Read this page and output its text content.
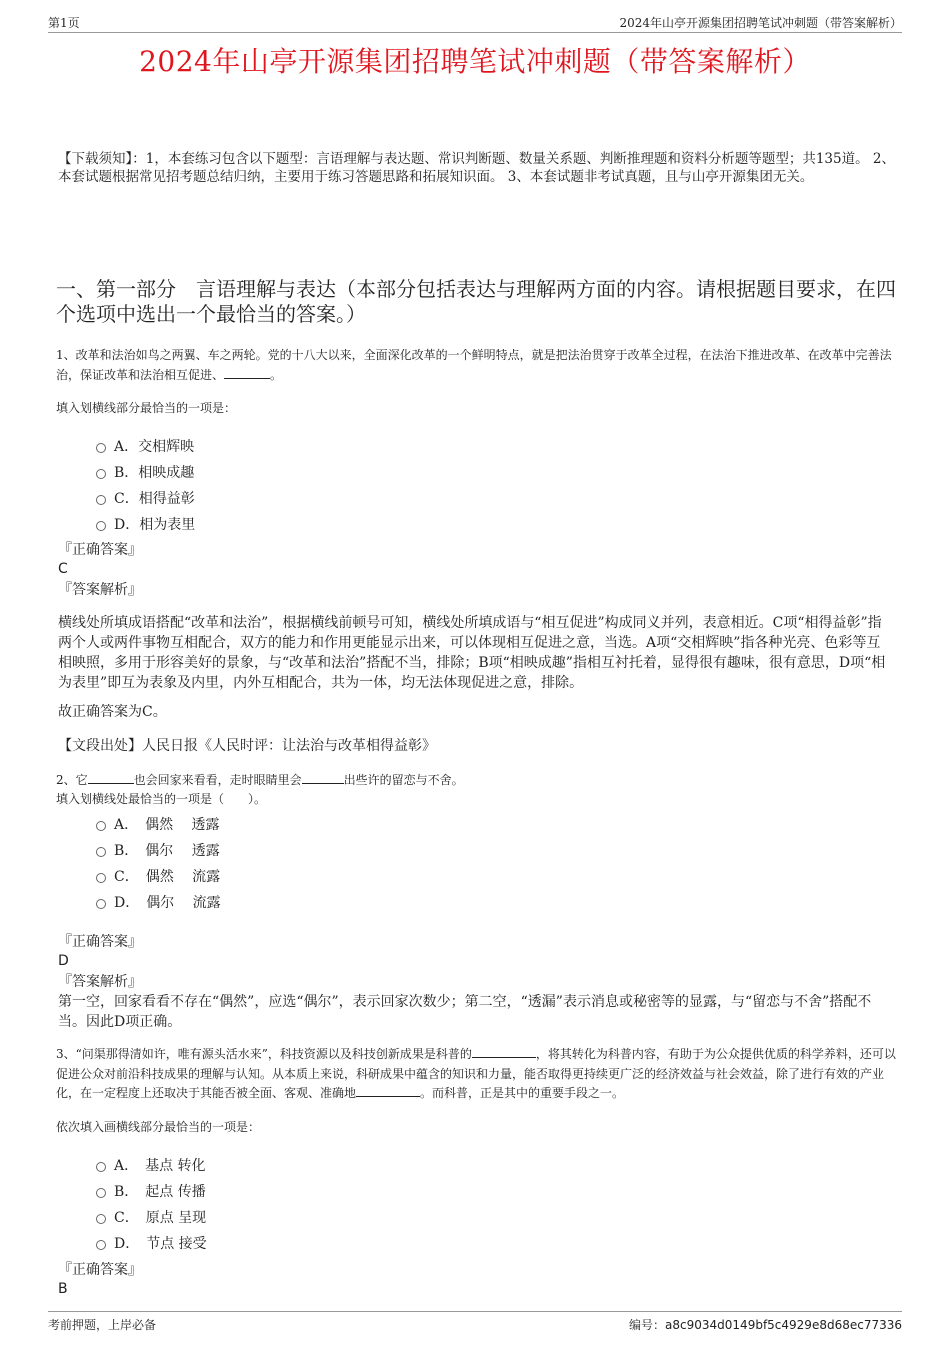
第1页	2024年山亭开源集团招聘笔试冲刺题（带答案解析）
2024年山亭开源集团招聘笔试冲刺题（带答案解析）
【下载须知】：1，本套练习包含以下题型：言语理解与表达题、常识判断题、数量关系题、判断推理题和资料分析题等题型；共135道。 2、本套试题根据常见招考题总结归纳，主要用于练习答题思路和拓展知识面。 3、本套试题非考试真题，且与山亭开源集团无关。
一、第一部分　言语理解与表达（本部分包括表达与理解两方面的内容。请根据题目要求，在四个选项中选出一个最恰当的答案。）
1、改革和法治如鸟之两翼、车之两轮。党的十八大以来，全面深化改革的一个鲜明特点，就是把法治贯穿于改革全过程，在法治下推进改革、在改革中完善法治，保证改革和法治相互促进、	。
填入划横线部分最恰当的一项是：
A．交相辉映
B．相映成趣
C．相得益彰
D．相为表里
『正确答案』
C
『答案解析』
横线处所填成语搭配“改革和法治”，根据横线前顿号可知，横线处所填成语与“相互促进”构成同义并列，表意相近。C项“相得益彰”指两个人或两件事物互相配合，双方的能力和作用更能显示出来，可以体现相互促进之意，当选。A项“交相辉映”指各种光亮、色彩等互相映照，多用于形容美好的景象，与“改革和法治”搭配不当，排除；B项“相映成趣”指相互衬托着，显得很有趣味，很有意思，D项“相为表里”即互为表象及内里，内外互相配合，共为一体，均无法体现促进之意，排除。
故正确答案为C。
【文段出处】人民日报《人民时评：让法治与改革相得益彰》
2、它	也会回家来看看，走时眼睛里会	出些许的留恋与不舍。
填入划横线处最恰当的一项是（　　）。
A．　偶然　 透露
B．　偶尔　 透露
C．　偶然　 流露
D．　偶尔　 流露
『正确答案』
D
『答案解析』
第一空，回家看看不存在“偶然”，应选“偶尔”，表示回家次数少；第二空，“透漏”表示消息或秘密等的显露，与“留恋与不舍”搭配不当。因此D项正确。
3、“问渠那得清如许，唯有源头活水来”，科技资源以及科技创新成果是科普的	，将其转化为科普内容，有助于为公众提供优质的科学养料，还可以促进公众对前沿科技成果的理解与认知。从本质上来说，科研成果中蕴含的知识和力量，能否取得更持续更广泛的经济效益与社会效益，除了进行有效的产业化，在一定程度上还取决于其能否被全面、客观、准确地	。而科普，正是其中的重要手段之一。
依次填入画横线部分最恰当的一项是：
A．　基点 转化
B．　起点 传播
C．　原点 呈现
D．　节点 接受
『正确答案』
B
考前押题，上岸必备	编号：a8c9034d0149bf5c4929e8d68ec77336
